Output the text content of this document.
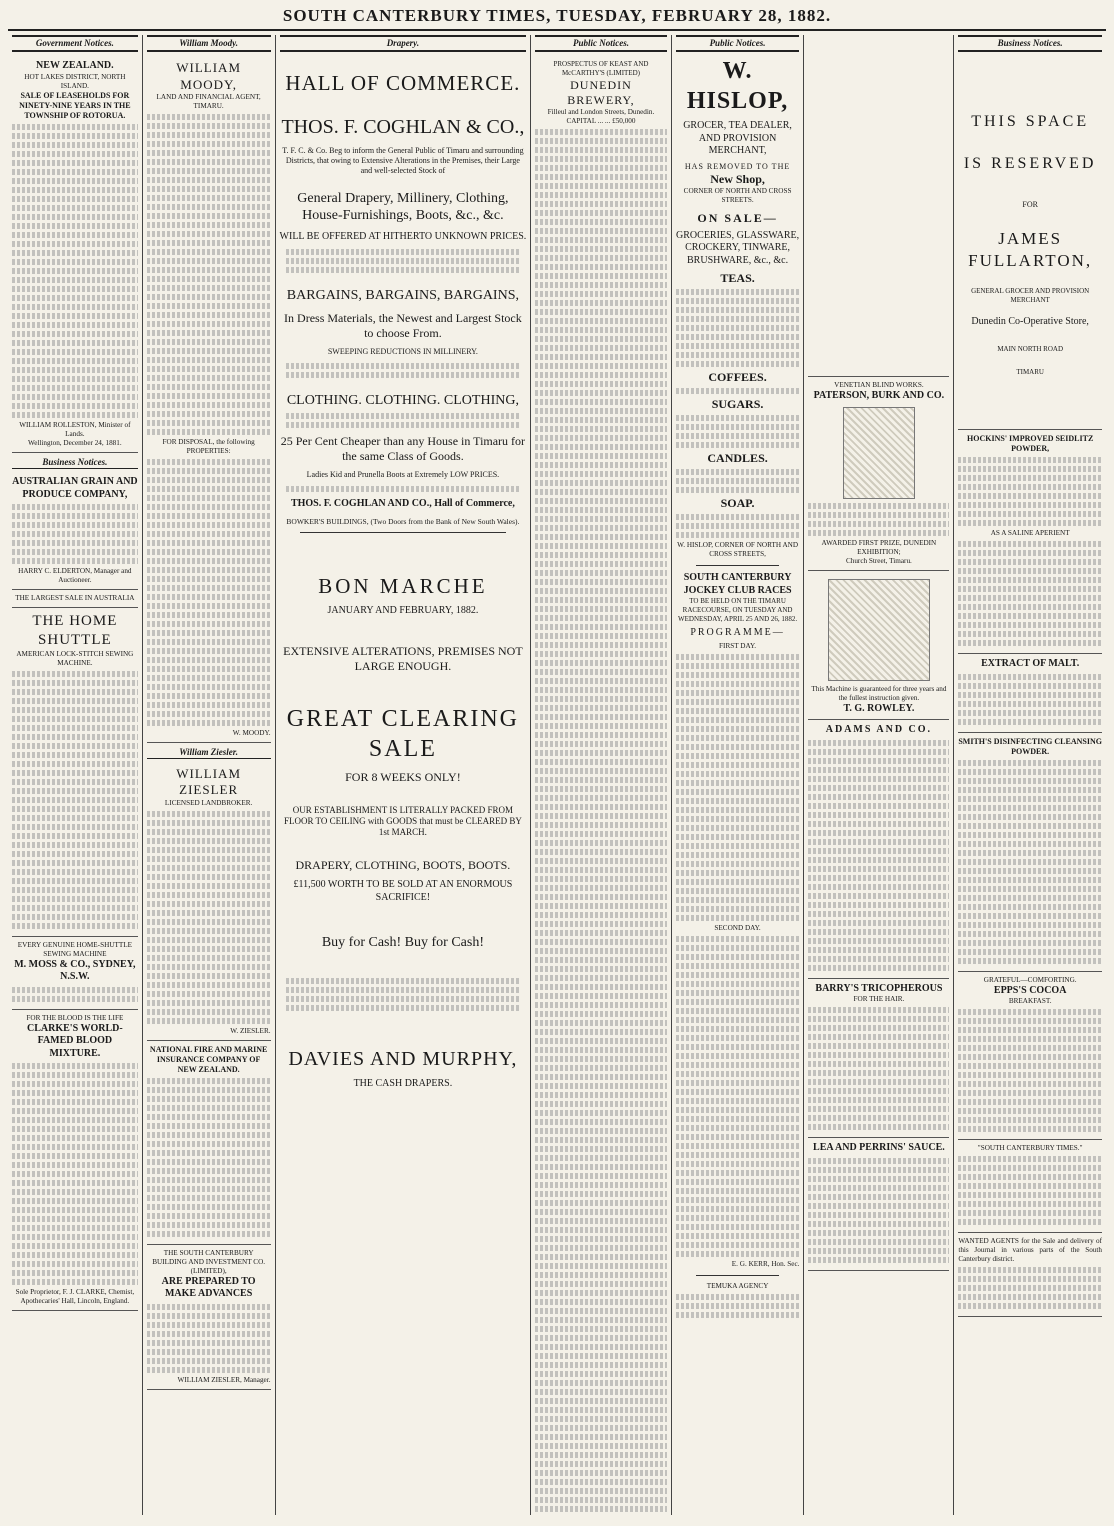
SOUTH CANTERBURY TIMES, TUESDAY, FEBRUARY 28, 1882.
Government Notices.
NEW ZEALAND.
HOT LAKES DISTRICT, NORTH ISLAND.
SALE OF LEASEHOLDS FOR NINETY-NINE YEARS IN THE TOWNSHIP OF ROTORUA.
WILLIAM ROLLESTON, Minister of Lands.
Wellington, December 24, 1881.
Business Notices.
AUSTRALIAN GRAIN AND PRODUCE COMPANY,
HARRY C. ELDERTON, Manager and Auctioneer.
THE LARGEST SALE IN AUSTRALIA
THE HOME SHUTTLE
AMERICAN LOCK-STITCH SEWING MACHINE.
EVERY GENUINE HOME-SHUTTLE SEWING MACHINE
M. MOSS & CO., SYDNEY, N.S.W.
FOR THE BLOOD IS THE LIFE
CLARKE'S WORLD-FAMED BLOOD MIXTURE.
Sole Proprietor, F. J. CLARKE, Chemist, Apothecaries' Hall, Lincoln, England.
William Moody.
WILLIAM MOODY,
LAND AND FINANCIAL AGENT, TIMARU.
FOR DISPOSAL, the following PROPERTIES:
W. MOODY.
William Ziesler.
WILLIAM ZIESLER
LICENSED LANDBROKER.
W. ZIESLER.
NATIONAL FIRE AND MARINE INSURANCE COMPANY OF NEW ZEALAND.
THE SOUTH CANTERBURY BUILDING AND INVESTMENT CO. (LIMITED),
ARE PREPARED TO MAKE ADVANCES
WILLIAM ZIESLER, Manager.
Drapery.
HALL OF COMMERCE.
THOS. F. COGHLAN & CO.,
T. F. C. & Co. Beg to inform the General Public of Timaru and surrounding Districts, that owing to Extensive Alterations in the Premises, their Large and well-selected Stock of
General Drapery, Millinery, Clothing, House-Furnishings, Boots, &c., &c.
WILL BE OFFERED AT HITHERTO UNKNOWN PRICES.
BARGAINS, BARGAINS, BARGAINS,
In Dress Materials, the Newest and Largest Stock to choose From.
SWEEPING REDUCTIONS IN MILLINERY.
CLOTHING. CLOTHING. CLOTHING,
25 Per Cent Cheaper than any House in Timaru for the same Class of Goods.
Ladies Kid and Prunella Boots at Extremely LOW PRICES.
THOS. F. COGHLAN AND CO., Hall of Commerce,
BOWKER'S BUILDINGS, (Two Doors from the Bank of New South Wales).
BON MARCHE
JANUARY AND FEBRUARY, 1882.
EXTENSIVE ALTERATIONS, PREMISES NOT LARGE ENOUGH.
GREAT CLEARING SALE
FOR 8 WEEKS ONLY!
OUR ESTABLISHMENT IS LITERALLY PACKED FROM FLOOR TO CEILING with GOODS that must be CLEARED BY 1st MARCH.
DRAPERY, CLOTHING, BOOTS, BOOTS.
£11,500 WORTH TO BE SOLD AT AN ENORMOUS SACRIFICE!
Buy for Cash! Buy for Cash!
DAVIES AND MURPHY,
THE CASH DRAPERS.
Public Notices.
PROSPECTUS OF KEAST AND McCARTHY'S (LIMITED)
DUNEDIN BREWERY,
Filleul and London Streets, Dunedin.
CAPITAL ... ... £50,000
Public Notices.
W. HISLOP,
GROCER, TEA DEALER, AND PROVISION MERCHANT,
HAS REMOVED TO THE
New Shop,
CORNER OF NORTH AND CROSS STREETS.
ON SALE—
GROCERIES, GLASSWARE, CROCKERY, TINWARE, BRUSHWARE, &c., &c.
TEAS.
COFFEES.
SUGARS.
CANDLES.
SOAP.
W. HISLOP, CORNER OF NORTH AND CROSS STREETS,
SOUTH CANTERBURY JOCKEY CLUB RACES
TO BE HELD ON THE TIMARU RACECOURSE, ON TUESDAY AND WEDNESDAY, APRIL 25 AND 26, 1882.
PROGRAMME—
FIRST DAY.
SECOND DAY.
E. G. KERR, Hon. Sec.
TEMUKA AGENCY
VENETIAN BLIND WORKS.
PATERSON, BURK AND CO.
AWARDED FIRST PRIZE, DUNEDIN EXHIBITION;
Church Street, Timaru.
This Machine is guaranteed for three years and the fullest instruction given.
T. G. ROWLEY.
ADAMS AND CO.
BARRY'S TRICOPHEROUS
FOR THE HAIR.
LEA AND PERRINS' SAUCE.
Business Notices.
THIS SPACE
IS RESERVED
FOR
JAMES FULLARTON,
GENERAL GROCER AND PROVISION MERCHANT
Dunedin Co-Operative Store,
MAIN NORTH ROAD
TIMARU
HOCKINS' IMPROVED SEIDLITZ POWDER,
AS A SALINE APERIENT
EXTRACT OF MALT.
SMITH'S DISINFECTING CLEANSING POWDER.
GRATEFUL—COMFORTING.
EPPS'S COCOA
BREAKFAST.
"SOUTH CANTERBURY TIMES."
WANTED AGENTS for the Sale and delivery of this Journal in various parts of the South Canterbury district.
